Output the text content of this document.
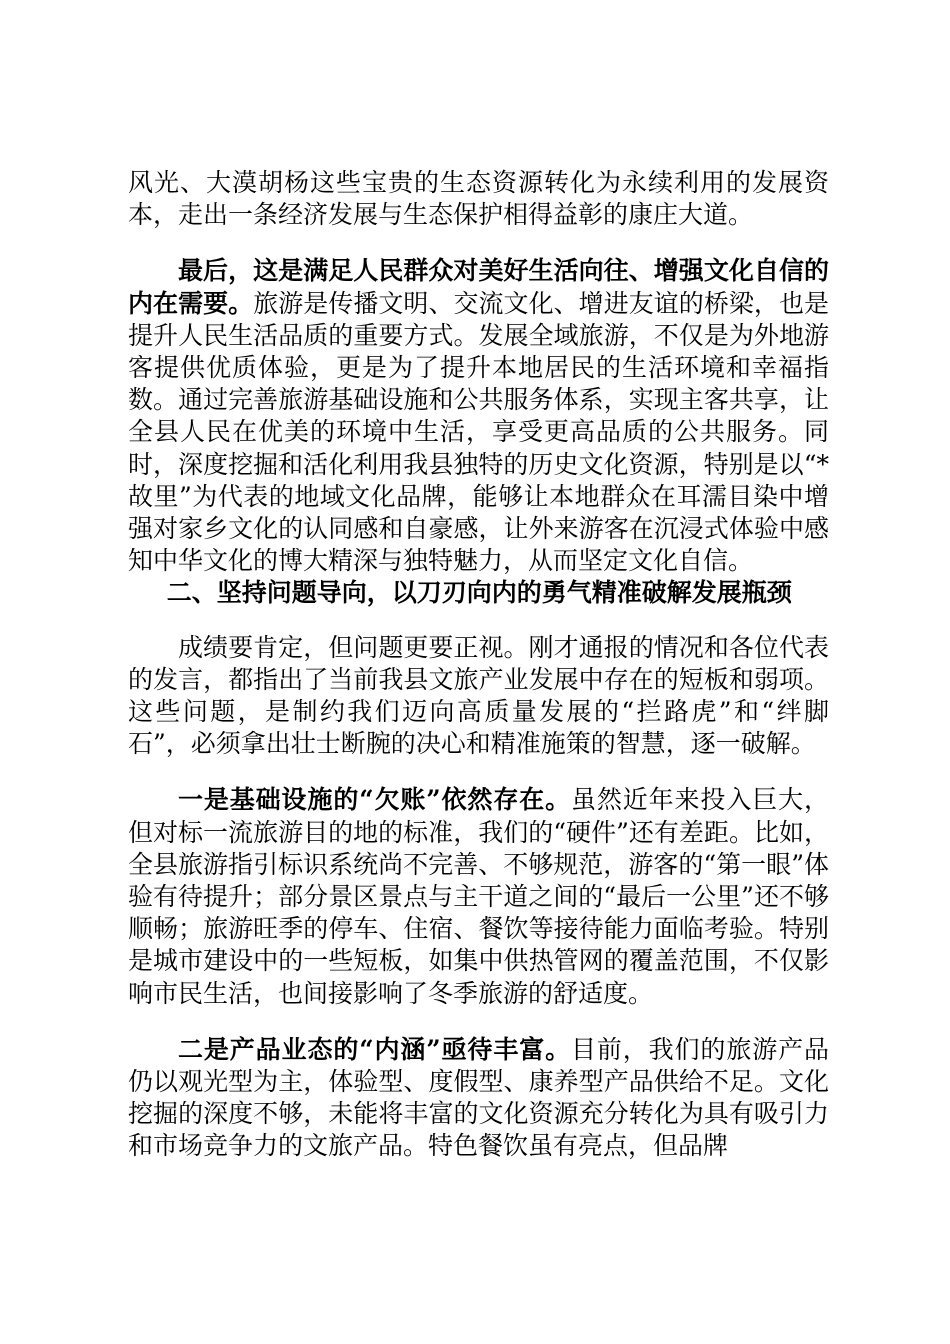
风光、大漠胡杨这些宝贵的生态资源转化为永续利用的发展资本，走出一条经济发展与生态保护相得益彰的康庄大道。

最后，这是满足人民群众对美好生活向往、增强文化自信的内在需要。旅游是传播文明、交流文化、增进友谊的桥梁，也是提升人民生活品质的重要方式。发展全域旅游，不仅是为外地游客提供优质体验，更是为了提升本地居民的生活环境和幸福指数。通过完善旅游基础设施和公共服务体系，实现主客共享，让全县人民在优美的环境中生活，享受更高品质的公共服务。同时，深度挖掘和活化利用我县独特的历史文化资源，特别是以“*故里”为代表的地域文化品牌，能够让本地群众在耳濡目染中增强对家乡文化的认同感和自豪感，让外来游客在沉浸式体验中感知中华文化的博大精深与独特魅力，从而坚定文化自信。

二、坚持问题导向，以刀刃向内的勇气精准破解发展瓶颈

成绩要肯定，但问题更要正视。刚才通报的情况和各位代表的发言，都指出了当前我县文旅产业发展中存在的短板和弱项。这些问题，是制约我们迈向高质量发展的“拦路虎”和“绊脚石”，必须拿出壮士断腕的决心和精准施策的智慧，逐一破解。

一是基础设施的“欠账”依然存在。虽然近年来投入巨大，但对标一流旅游目的地的标准，我们的“硬件”还有差距。比如，全县旅游指引标识系统尚不完善、不够规范，游客的“第一眼”体验有待提升；部分景区景点与主干道之间的“最后一公里”还不够顺畅；旅游旺季的停车、住宿、餐饮等接待能力面临考验。特别是城市建设中的一些短板，如集中供热管网的覆盖范围，不仅影响市民生活，也间接影响了冬季旅游的舒适度。

二是产品业态的“内涵”亟待丰富。目前，我们的旅游产品仍以观光型为主，体验型、度假型、康养型产品供给不足。文化挖掘的深度不够，未能将丰富的文化资源充分转化为具有吸引力和市场竞争力的文旅产品。特色餐饮虽有亮点，但品牌
